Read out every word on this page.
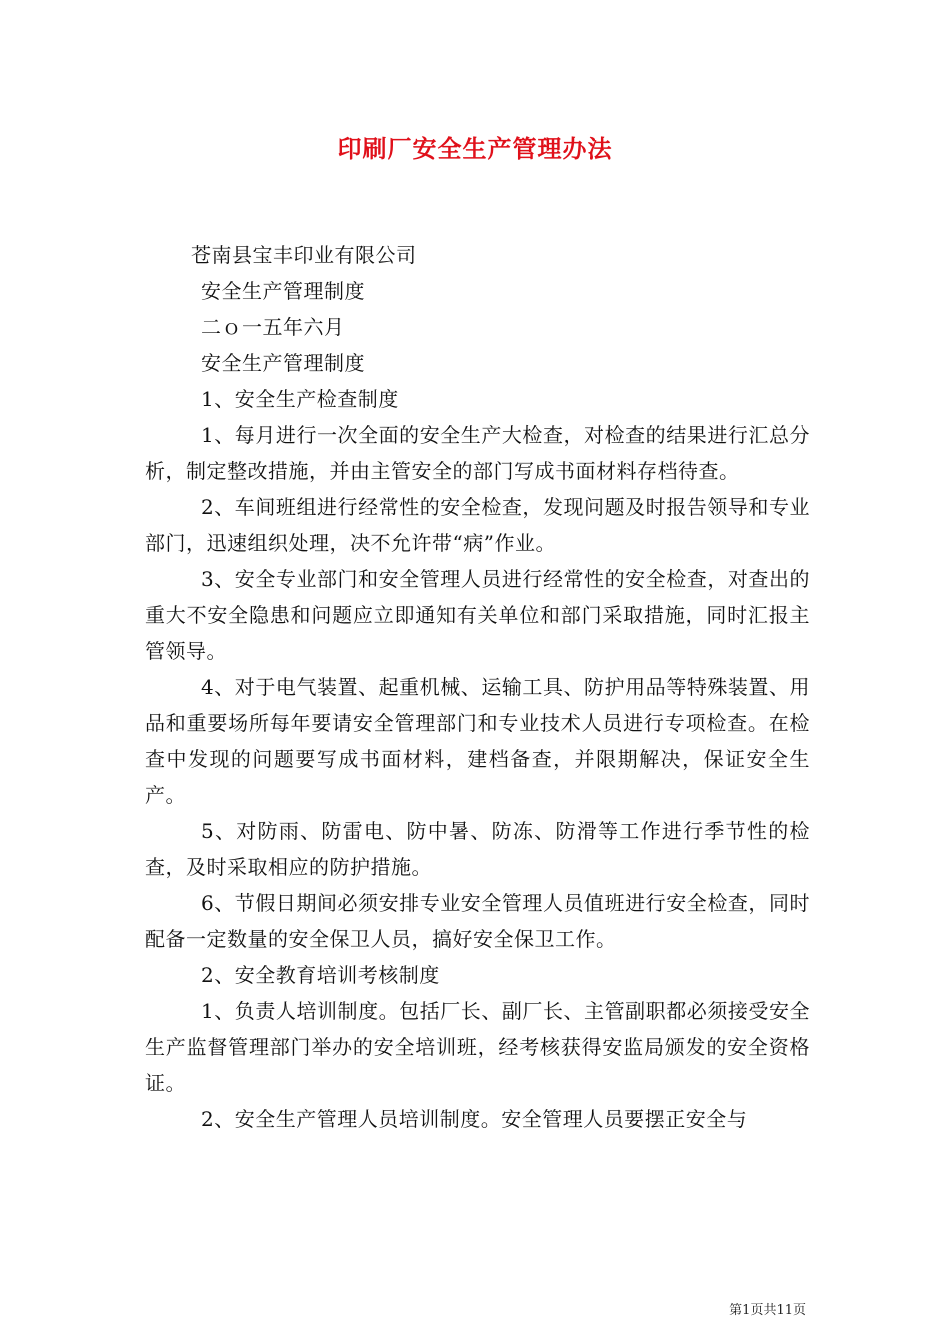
印刷厂安全生产管理办法

苍南县宝丰印业有限公司

安全生产管理制度

二ｏ一五年六月

安全生产管理制度

1、安全生产检查制度

1、每月进行一次全面的安全生产大检查，对检查的结果进行汇总分析，制定整改措施，并由主管安全的部门写成书面材料存档待查。

2、车间班组进行经常性的安全检查，发现问题及时报告领导和专业部门，迅速组织处理，决不允许带“病”作业。

3、安全专业部门和安全管理人员进行经常性的安全检查，对查出的重大不安全隐患和问题应立即通知有关单位和部门采取措施，同时汇报主管领导。

4、对于电气装置、起重机械、运输工具、防护用品等特殊装置、用品和重要场所每年要请安全管理部门和专业技术人员进行专项检查。在检查中发现的问题要写成书面材料，建档备查，并限期解决，保证安全生产。

5、对防雨、防雷电、防中暑、防冻、防滑等工作进行季节性的检查，及时采取相应的防护措施。

6、节假日期间必须安排专业安全管理人员值班进行安全检查，同时配备一定数量的安全保卫人员，搞好安全保卫工作。

2、安全教育培训考核制度

1、负责人培训制度。包括厂长、副厂长、主管副职都必须接受安全生产监督管理部门举办的安全培训班，经考核获得安监局颁发的安全资格证。

2、安全生产管理人员培训制度。安全管理人员要摆正安全与

第1页共11页
